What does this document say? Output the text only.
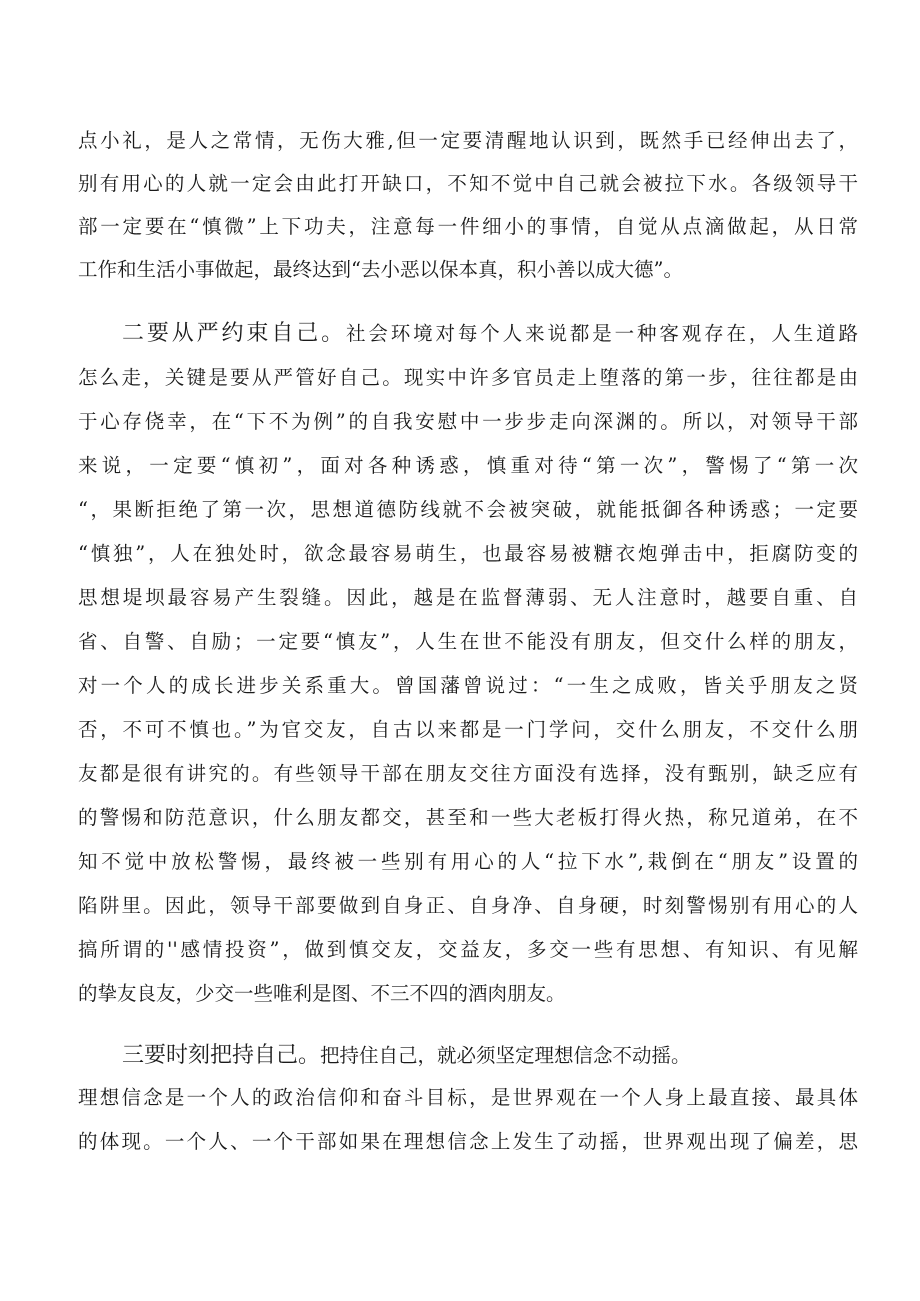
点小礼，是人之常情，无伤大雅,但一定要清醒地认识到，既然手已经伸出去了，
别有用心的人就一定会由此打开缺口，不知不觉中自己就会被拉下水。各级领导干
部一定要在“慎微”上下功夫，注意每一件细小的事情，自觉从点滴做起，从日常
工作和生活小事做起，最终达到“去小恶以保本真，积小善以成大德”。
二要从严约束自己。社会环境对每个人来说都是一种客观存在，人生道路
怎么走，关键是要从严管好自己。现实中许多官员走上堕落的第一步，往往都是由
于心存侥幸，在“下不为例”的自我安慰中一步步走向深渊的。所以，对领导干部
来说，一定要“慎初”，面对各种诱惑，慎重对待“第一次”，警惕了“第一次
“，果断拒绝了第一次，思想道德防线就不会被突破，就能抵御各种诱惑；一定要
“慎独”，人在独处时，欲念最容易萌生，也最容易被糖衣炮弹击中，拒腐防变的
思想堤坝最容易产生裂缝。因此，越是在监督薄弱、无人注意时，越要自重、自
省、自警、自励；一定要“慎友”，人生在世不能没有朋友，但交什么样的朋友，
对一个人的成长进步关系重大。曾国藩曾说过：“一生之成败，皆关乎朋友之贤
否，不可不慎也。”为官交友，自古以来都是一门学问，交什么朋友，不交什么朋
友都是很有讲究的。有些领导干部在朋友交往方面没有选择，没有甄别，缺乏应有
的警惕和防范意识，什么朋友都交，甚至和一些大老板打得火热，称兄道弟，在不
知不觉中放松警惕，最终被一些别有用心的人“拉下水”,栽倒在“朋友”设置的
陷阱里。因此，领导干部要做到自身正、自身净、自身硬，时刻警惕别有用心的人
搞所谓的''感情投资”，做到慎交友，交益友，多交一些有思想、有知识、有见解
的挚友良友，少交一些唯利是图、不三不四的酒肉朋友。
三要时刻把持自己。把持住自己，就必须坚定理想信念不动摇。
理想信念是一个人的政治信仰和奋斗目标，是世界观在一个人身上最直接、最具体
的体现。一个人、一个干部如果在理想信念上发生了动摇，世界观出现了偏差，思
